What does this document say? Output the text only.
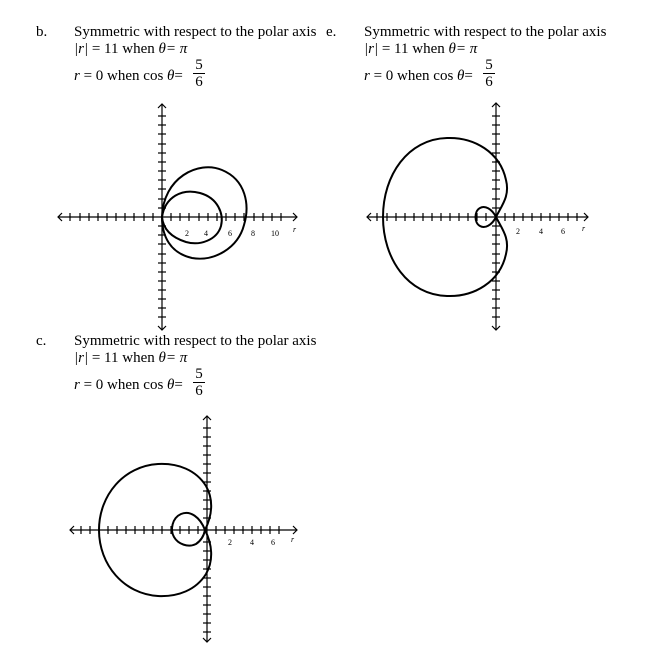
b. Symmetric with respect to the polar axis
|r| = 11 when θ= π
r = 0 when $\cos \theta= \frac{5}{6}$
e. Symmetric with respect to the polar axis
|r| = 11 when θ= π
r = 0 when $\cos \theta= \frac{5}{6}$
c. Symmetric with respect to the polar axis
|r| = 11 when θ= π
r = 0 when $\cos \theta= \frac{5}{6}$
2 4	6 8 10 r	2 4 6 r
2 4 6 r
